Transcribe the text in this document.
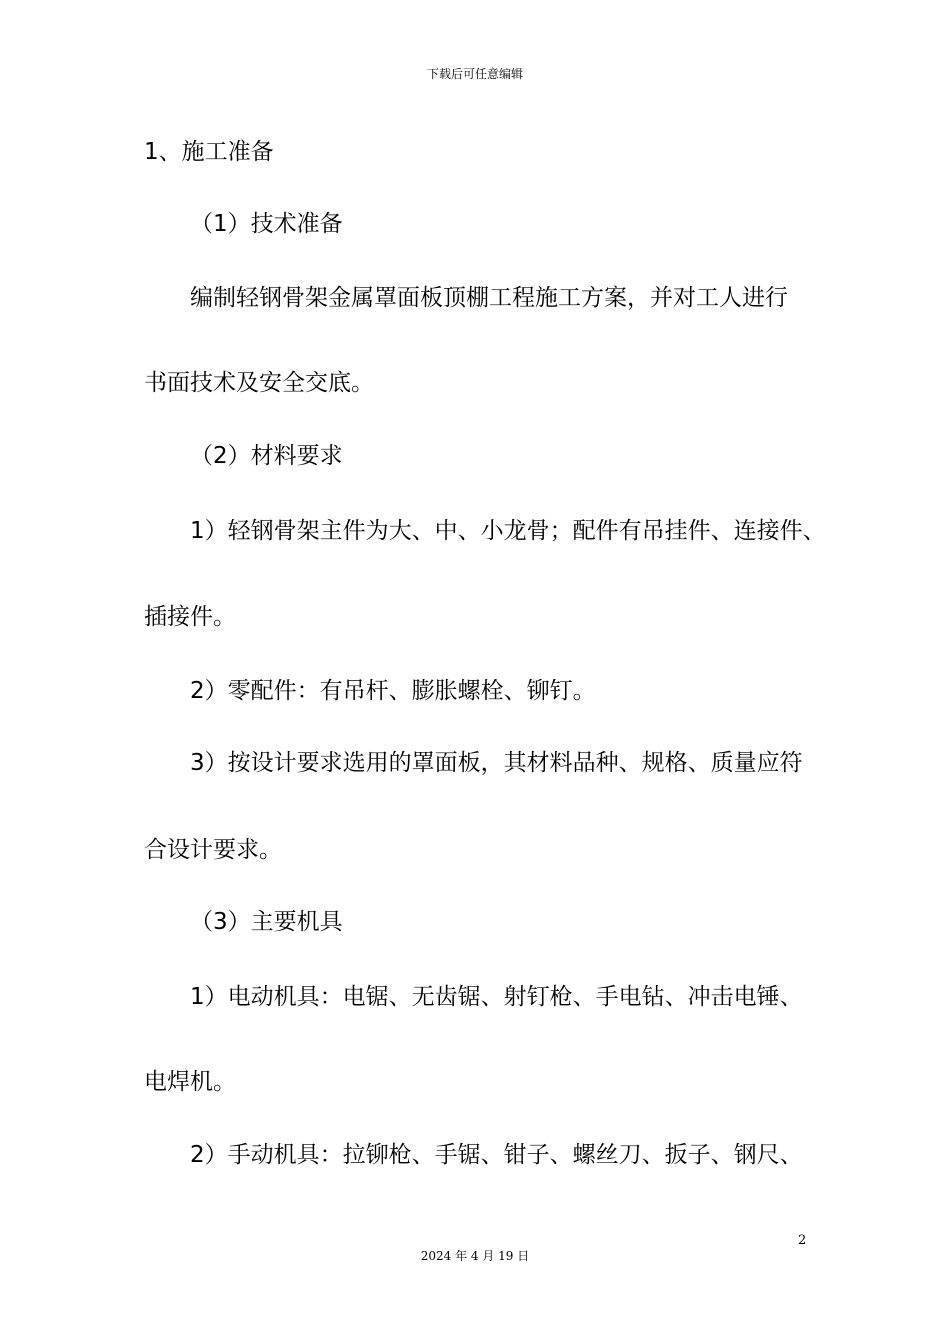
下载后可任意编辑
1、施工准备
（1）技术准备
编制轻钢骨架金属罩面板顶棚工程施工方案，并对工人进行
书面技术及安全交底。
（2）材料要求
1）轻钢骨架主件为大、中、小龙骨；配件有吊挂件、连接件、
插接件。
2）零配件：有吊杆、膨胀螺栓、铆钉。
3）按设计要求选用的罩面板，其材料品种、规格、质量应符
合设计要求。
（3）主要机具
1）电动机具：电锯、无齿锯、射钉枪、手电钻、冲击电锤、
电焊机。
2）手动机具：拉铆枪、手锯、钳子、螺丝刀、扳子、钢尺、
2
2024 年 4 月 19 日
